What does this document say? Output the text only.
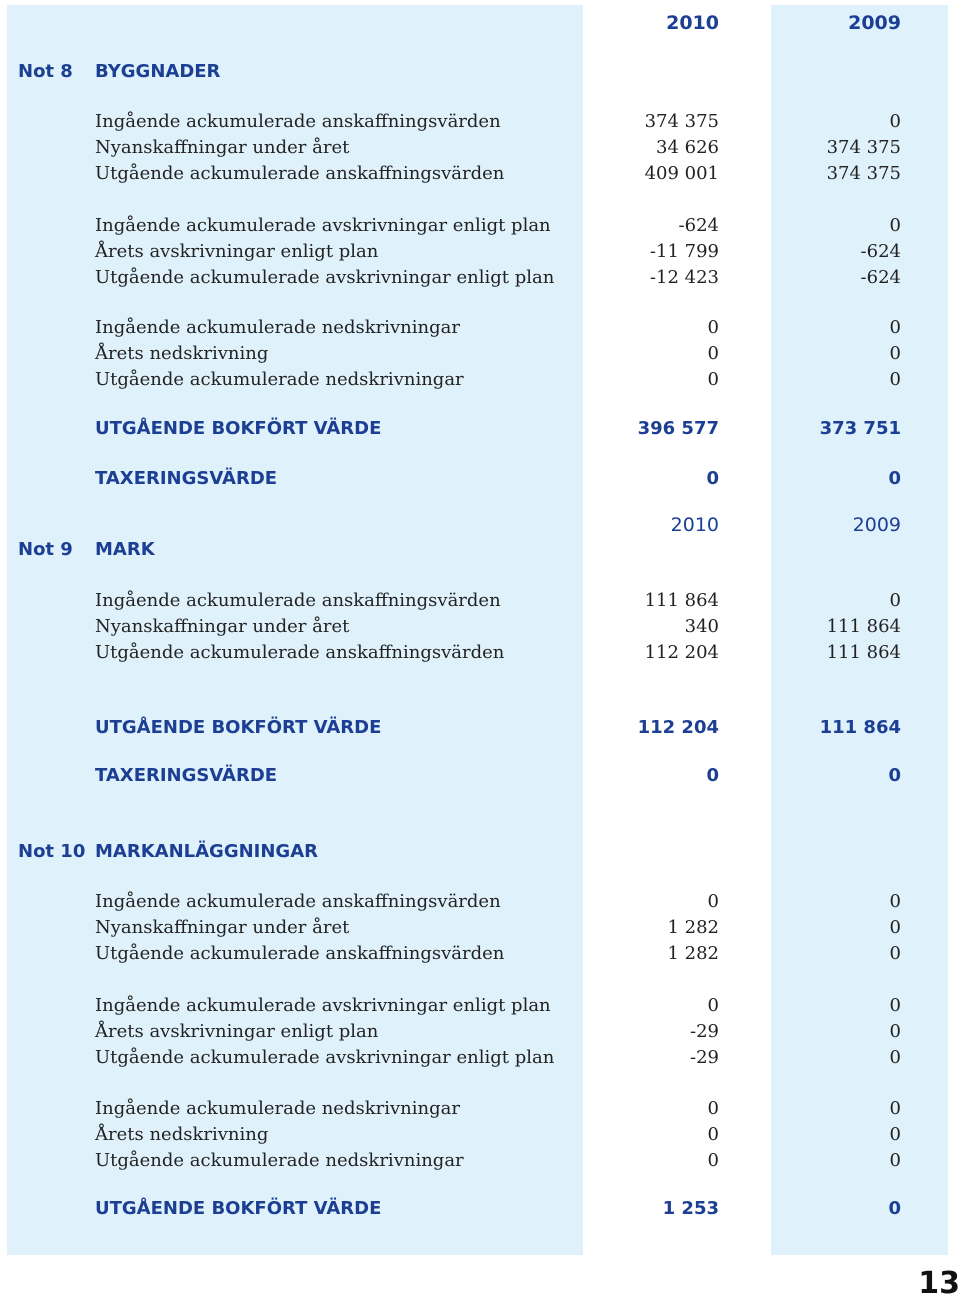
2010	2009
Not 8 BYGGNADER
Ingående ackumulerade anskaffningsvärden	374 375	0
Nyanskaffningar under året	34 626	374 375
Utgående ackumulerade anskaffningsvärden	409 001	374 375
Ingående ackumulerade avskrivningar enligt plan	-624	0
Årets avskrivningar enligt plan	-11 799	-624
Utgående ackumulerade avskrivningar enligt plan	-12 423	-624
Ingående ackumulerade nedskrivningar	0	0
Årets nedskrivning	0	0
Utgående ackumulerade nedskrivningar	0	0
UTGÅENDE BOKFÖRT VÄRDE	396 577	373 751
TAXERINGSVÄRDE	0	0
2010	2009
Not 9 MARK
Ingående ackumulerade anskaffningsvärden	111 864	0
Nyanskaffningar under året	340	111 864
Utgående ackumulerade anskaffningsvärden	112 204	111 864
UTGÅENDE BOKFÖRT VÄRDE	112 204	111 864
TAXERINGSVÄRDE	0	0
Not 10 MARKANLÄGGNINGAR
Ingående ackumulerade anskaffningsvärden	0	0
Nyanskaffningar under året	1 282	0
Utgående ackumulerade anskaffningsvärden	1 282	0
Ingående ackumulerade avskrivningar enligt plan	0	0
Årets avskrivningar enligt plan	-29	0
Utgående ackumulerade avskrivningar enligt plan	-29	0
Ingående ackumulerade nedskrivningar	0	0
Årets nedskrivning	0	0
Utgående ackumulerade nedskrivningar	0	0
UTGÅENDE BOKFÖRT VÄRDE	1 253	0
13
